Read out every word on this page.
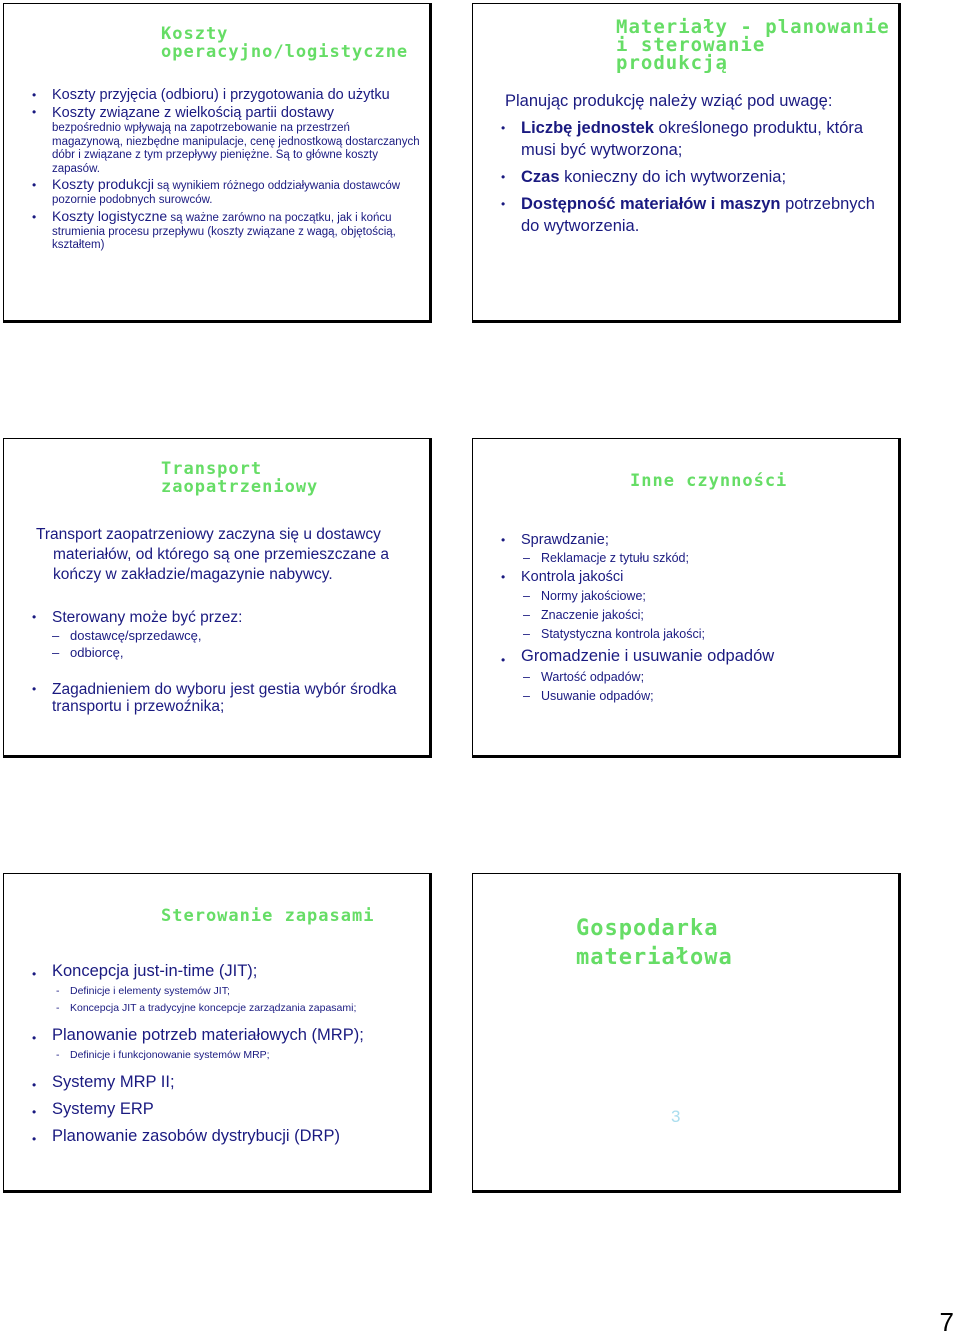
Koszty
operacyjno/logistyczne
• Koszty przyjęcia (odbioru) i przygotowania do użytku
• Koszty związane z wielkością partii dostawy
bezpośrednio wpływają na zapotrzebowanie na przestrzeń magazynową, niezbędne manipulacje, cenę jednostkową dostarczanych dóbr i związane z tym przepływy pieniężne. Są to główne koszty zapasów.
• Koszty produkcji są wynikiem różnego oddziaływania dostawców pozornie podobnych surowców.
• Koszty logistyczne są ważne zarówno na początku, jak i końcu strumienia procesu przepływu (koszty związane z wagą, objętością, kształtem)
Materiały - planowanie
i sterowanie
produkcją
Planując produkcję należy wziąć pod uwagę:
• Liczbę jednostek określonego produktu, która musi być wytworzona;
• Czas konieczny do ich wytworzenia;
• Dostępność materiałów i maszyn potrzebnych do wytworzenia.
Transport
zaopatrzeniowy
Transport zaopatrzeniowy zaczyna się u dostawcy materiałów, od którego są one przemieszczane a kończy w zakładzie/magazynie nabywcy.
• Sterowany może być przez:
– dostawcę/sprzedawcę,
– odbiorcę,
• Zagadnieniem do wyboru jest gestia wybór środka transportu i przewoźnika;
Inne czynności
• Sprawdzanie;
– Reklamacje z tytułu szkód;
• Kontrola jakości
– Normy jakościowe;
– Znaczenie jakości;
– Statystyczna kontrola jakości;
• Gromadzenie i usuwanie odpadów
– Wartość odpadów;
– Usuwanie odpadów;
Sterowanie zapasami
• Koncepcja just-in-time (JIT);
- Definicje i elementy systemów JIT;
- Koncepcja JIT a tradycyjne koncepcje zarządzania zapasami;
• Planowanie potrzeb materiałowych (MRP);
- Definicje i funkcjonowanie systemów MRP;
• Systemy MRP II;
• Systemy ERP
• Planowanie zasobów dystrybucji (DRP)
Gospodarka
materiałowa
3
7
